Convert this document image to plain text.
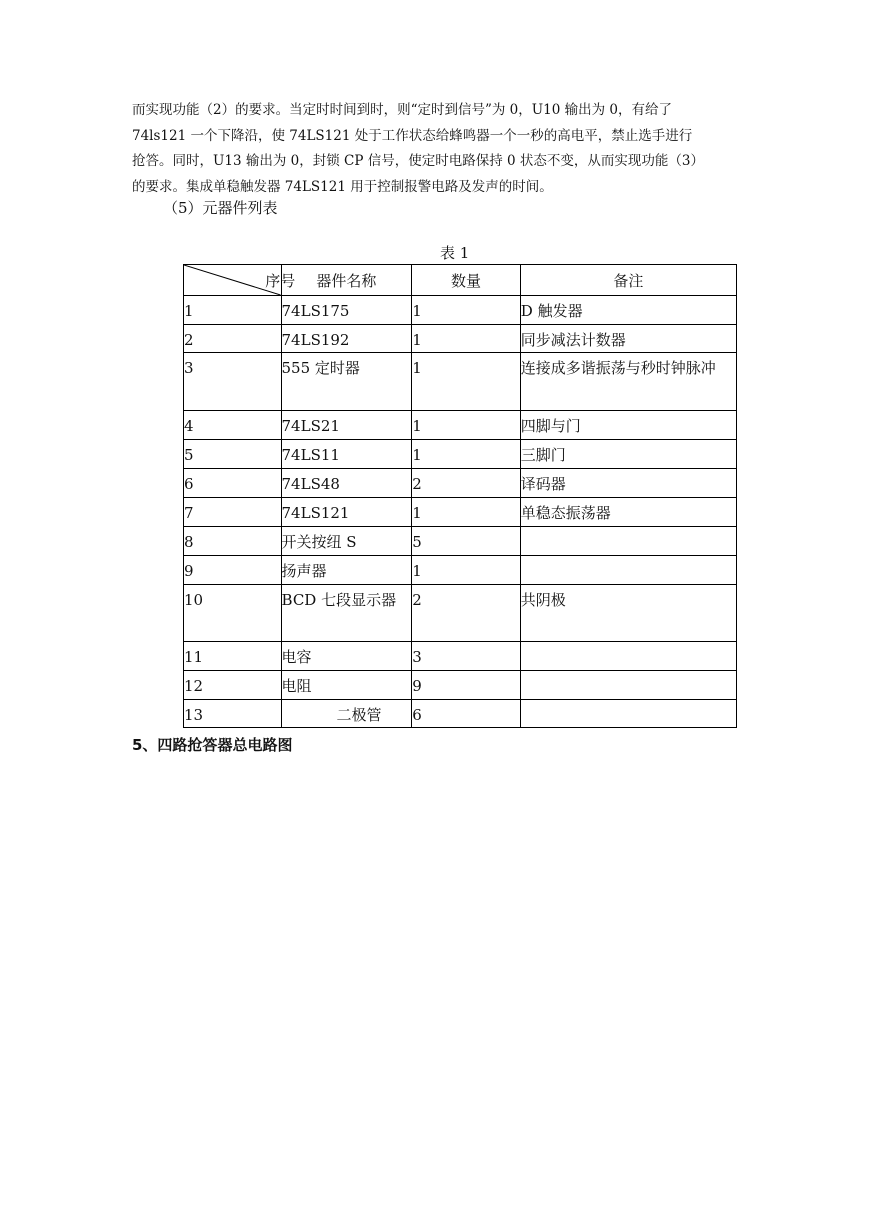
而实现功能（2）的要求。当定时时间到时，则“定时到信号”为 0，U10 输出为 0，有给了
74ls121 一个下降沿，使 74LS121 处于工作状态给蜂鸣器一个一秒的高电平，禁止选手进行
抢答。同时，U13 输出为 0，封锁 CP 信号，使定时电路保持 0 状态不变，从而实现功能（3）
的要求。集成单稳触发器 74LS121 用于控制报警电路及发声的时间。

（5）元器件列表

表 1

序号	器件名称	数量	备注
1	74LS175	1	D 触发器
2	74LS192	1	同步减法计数器
3	555 定时器	1	连接成多谐振荡与秒时钟脉冲
4	74LS21	1	四脚与门
5	74LS11	1	三脚门
6	74LS48	2	译码器
7	74LS121	1	单稳态振荡器
8	开关按纽 S	5	
9	扬声器	1	
10	BCD 七段显示器	2	共阴极
11	电容	3	
12	电阻	9	
13	二极管	6	

5、四路抢答器总电路图
